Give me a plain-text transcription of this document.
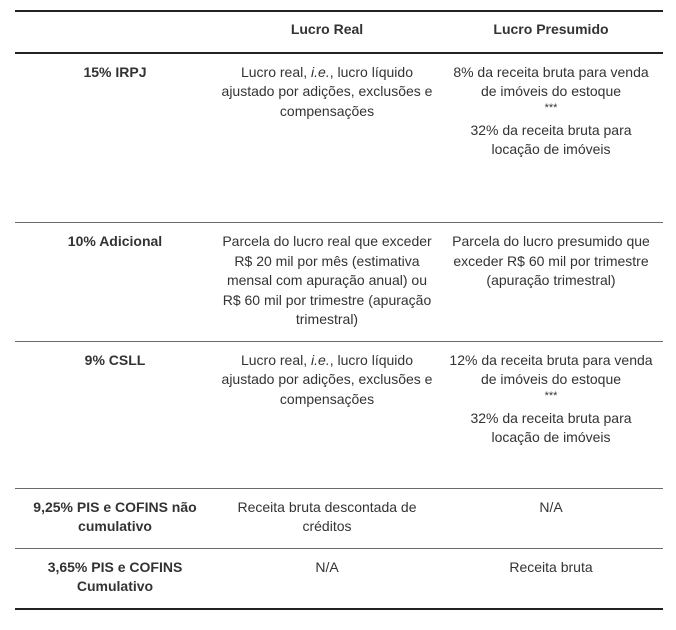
	Lucro Real	Lucro Presumido
15% IRPJ	Lucro real, i.e., lucro líquido ajustado por adições, exclusões e compensações	8% da receita bruta para venda de imóveis do estoque
***
32% da receita bruta para locação de imóveis

10% Adicional	Parcela do lucro real que exceder R$ 20 mil por mês (estimativa mensal com apuração anual) ou R$ 60 mil por trimestre (apuração trimestral)	Parcela do lucro presumido que exceder R$ 60 mil por trimestre (apuração trimestral)
9% CSLL	Lucro real, i.e., lucro líquido ajustado por adições, exclusões e compensações	12% da receita bruta para venda de imóveis do estoque
***
32% da receita bruta para locação de imóveis

9,25% PIS e COFINS não cumulativo	Receita bruta descontada de créditos	N/A
3,65% PIS e COFINS Cumulativo	N/A	Receita bruta
